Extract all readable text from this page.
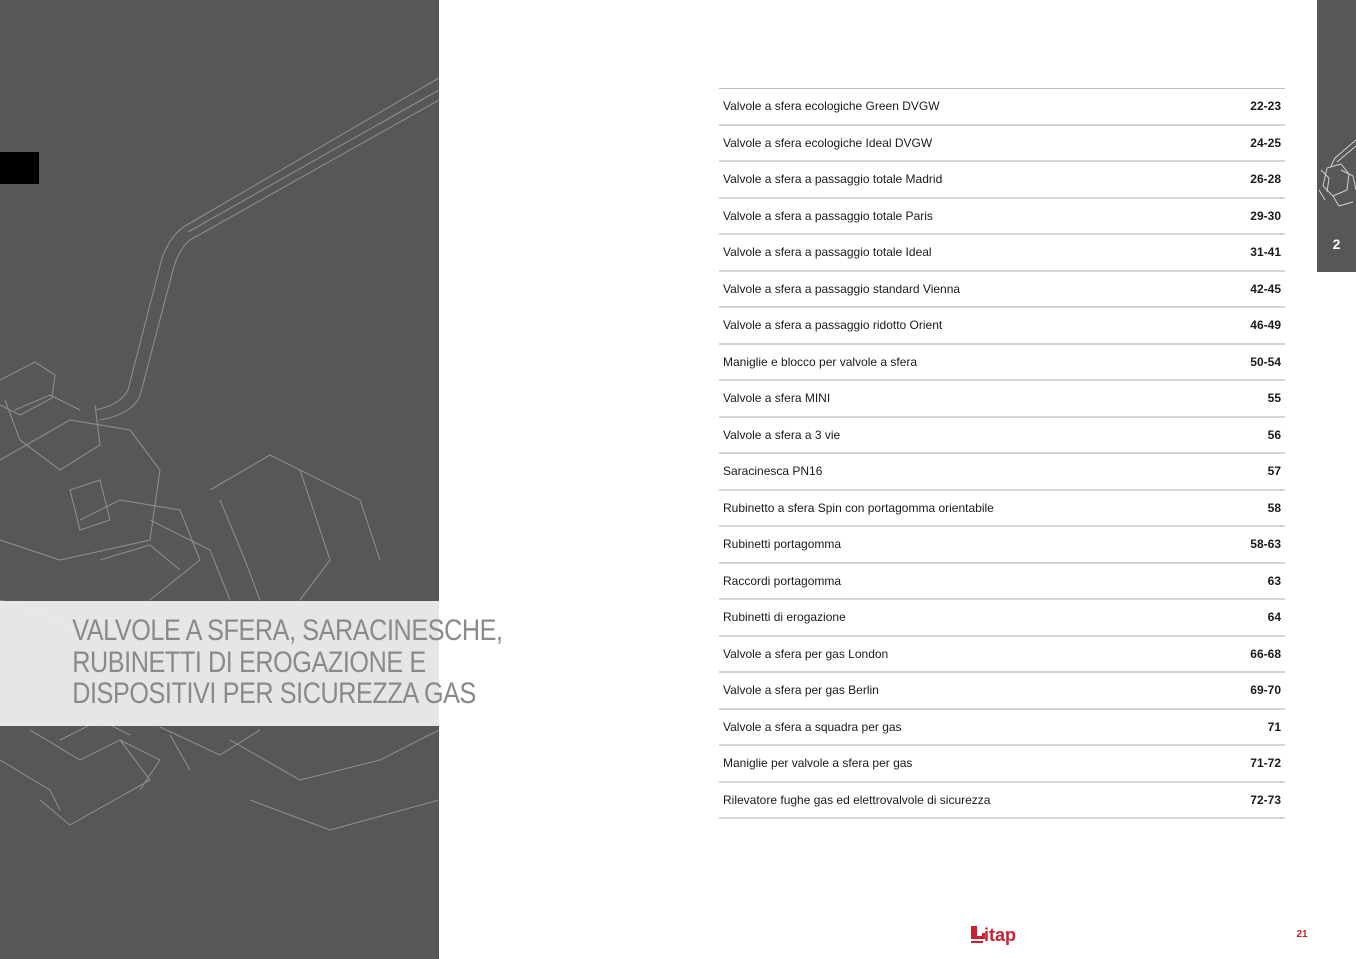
VALVOLE A SFERA, SARACINESCHE,
RUBINETTI DI EROGAZIONE E
DISPOSITIVI PER SICUREZZA GAS
Valvole a sfera ecologiche Green DVGW	22-23
Valvole a sfera ecologiche Ideal DVGW	24-25
Valvole a sfera a passaggio totale Madrid	26-28
Valvole a sfera a passaggio totale Paris	29-30
Valvole a sfera a passaggio totale Ideal	31-41
Valvole a sfera a passaggio standard Vienna	42-45
Valvole a sfera a passaggio ridotto Orient	46-49
Maniglie e blocco per valvole a sfera	50-54
Valvole a sfera MINI	55
Valvole a sfera a 3 vie	56
Saracinesca PN16	57
Rubinetto a sfera Spin con portagomma orientabile	58
Rubinetti portagomma	58-63
Raccordi portagomma	63
Rubinetti di erogazione	64
Valvole a sfera per gas London	66-68
Valvole a sfera per gas Berlin	69-70
Valvole a sfera a squadra per gas	71
Maniglie per valvole a sfera per gas	71-72
Rilevatore fughe gas ed elettrovalvole di sicurezza	72-73
2
itap	21
